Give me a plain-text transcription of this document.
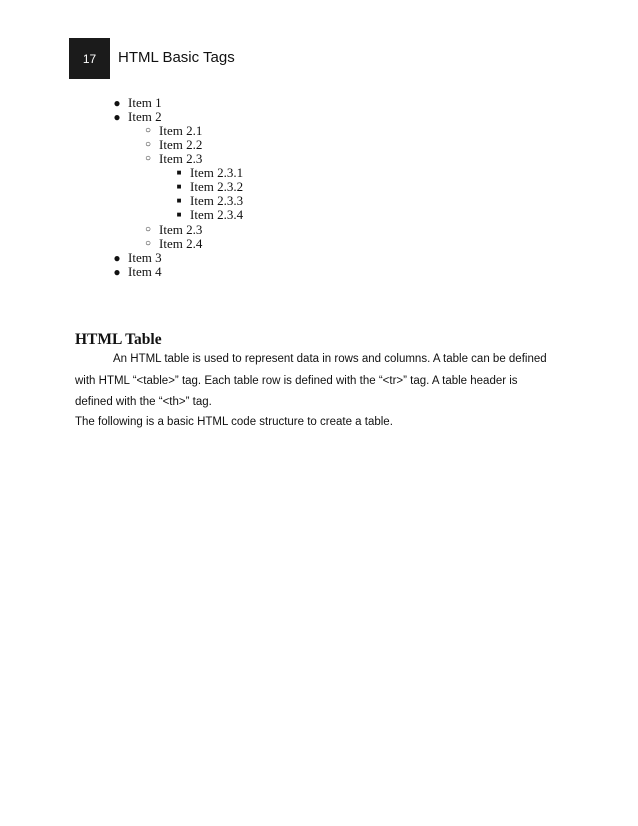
17 HTML Basic Tags
● Item 1
● Item 2
○ Item 2.1
○ Item 2.2
○ Item 2.3
■ Item 2.3.1
■ Item 2.3.2
■ Item 2.3.3
■ Item 2.3.4
○ Item 2.3
○ Item 2.4
● Item 3
● Item 4
HTML Table
An HTML table is used to represent data in rows and columns. A table can be defined
with HTML “<table>” tag. Each table row is defined with the “<tr>” tag. A table header is
defined with the “<th>” tag.
The following is a basic HTML code structure to create a table.
